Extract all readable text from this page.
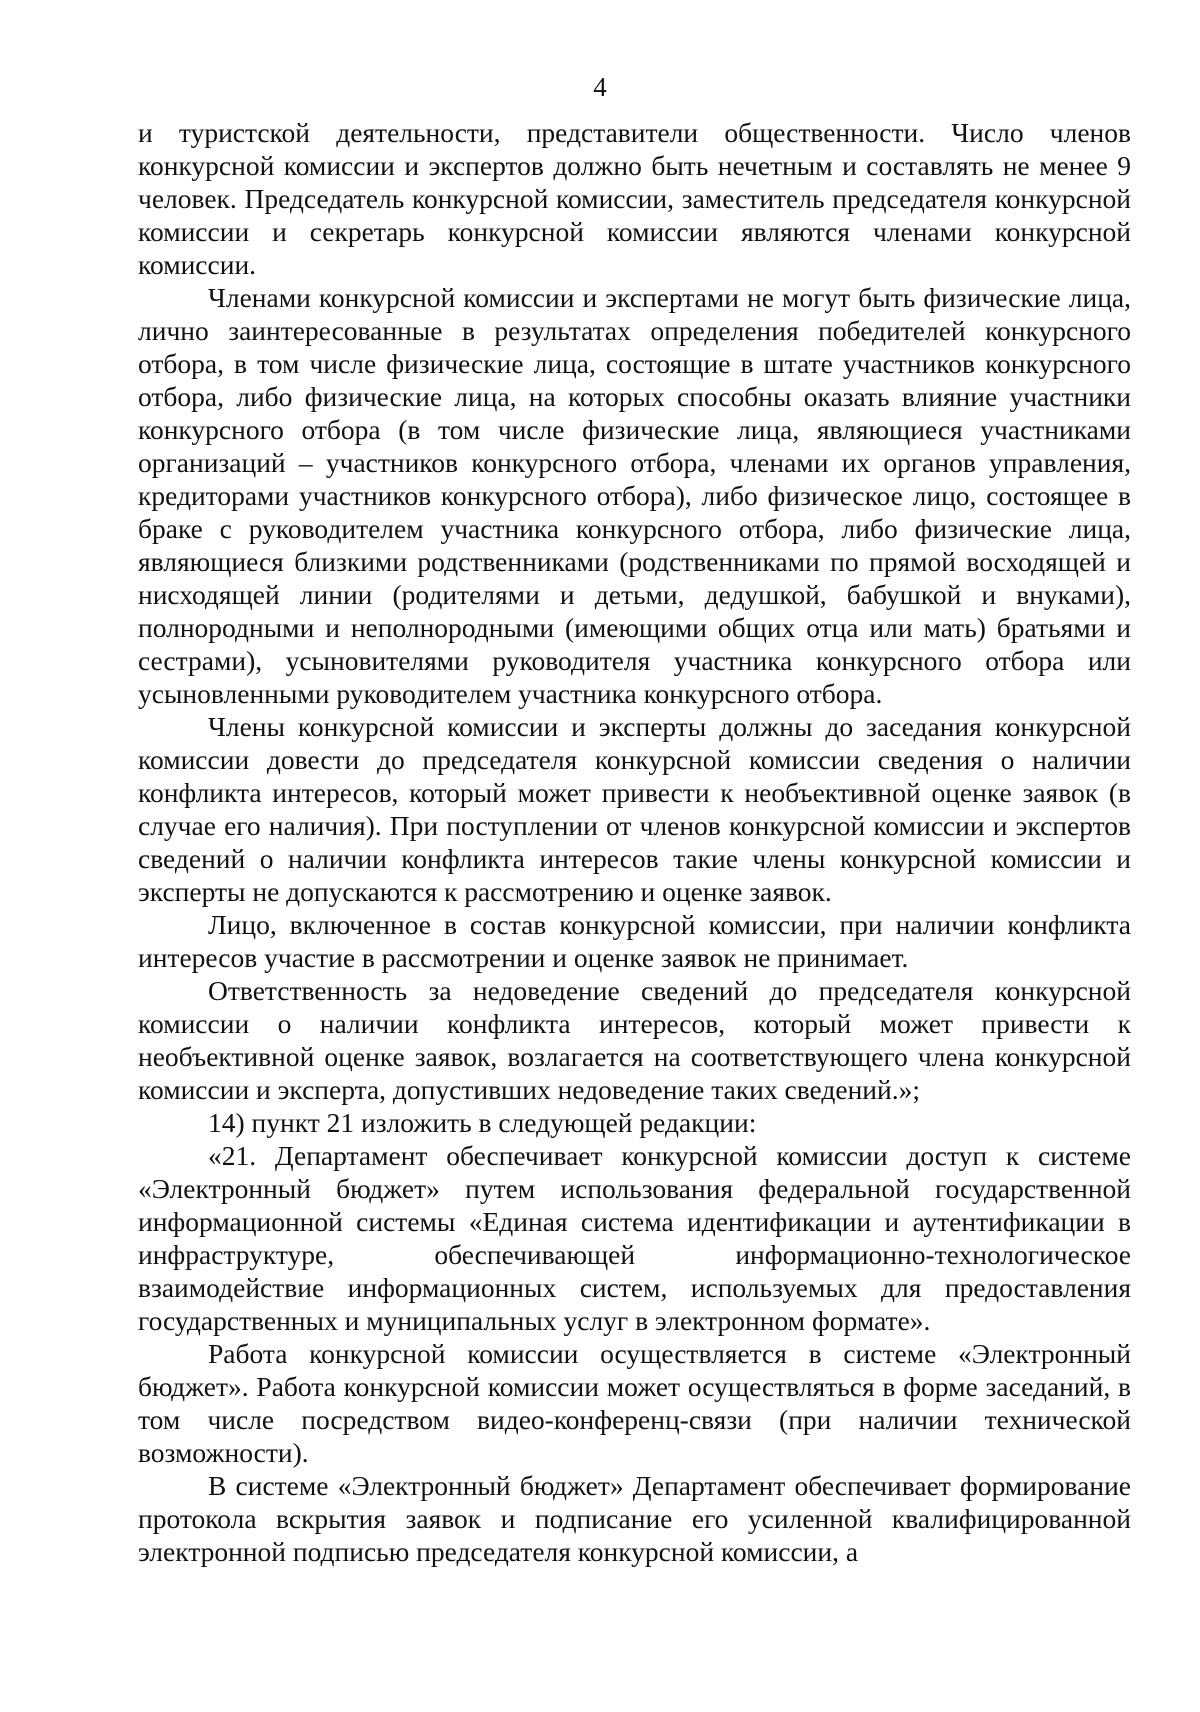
4

и туристской деятельности, представители общественности. Число членов конкурсной комиссии и экспертов должно быть нечетным и составлять не менее 9 человек. Председатель конкурсной комиссии, заместитель председателя конкурсной комиссии и секретарь конкурсной комиссии являются членами конкурсной комиссии.

Членами конкурсной комиссии и экспертами не могут быть физические лица, лично заинтересованные в результатах определения победителей конкурсного отбора, в том числе физические лица, состоящие в штате участников конкурсного отбора, либо физические лица, на которых способны оказать влияние участники конкурсного отбора (в том числе физические лица, являющиеся участниками организаций – участников конкурсного отбора, членами их органов управления, кредиторами участников конкурсного отбора), либо физическое лицо, состоящее в браке с руководителем участника конкурсного отбора, либо физические лица, являющиеся близкими родственниками (родственниками по прямой восходящей и нисходящей линии (родителями и детьми, дедушкой, бабушкой и внуками), полнородными и неполнородными (имеющими общих отца или мать) братьями и сестрами), усыновителями руководителя участника конкурсного отбора или усыновленными руководителем участника конкурсного отбора.

Члены конкурсной комиссии и эксперты должны до заседания конкурсной комиссии довести до председателя конкурсной комиссии сведения о наличии конфликта интересов, который может привести к необъективной оценке заявок (в случае его наличия). При поступлении от членов конкурсной комиссии и экспертов сведений о наличии конфликта интересов такие члены конкурсной комиссии и эксперты не допускаются к рассмотрению и оценке заявок.

Лицо, включенное в состав конкурсной комиссии, при наличии конфликта интересов участие в рассмотрении и оценке заявок не принимает.

Ответственность за недоведение сведений до председателя конкурсной комиссии о наличии конфликта интересов, который может привести к необъективной оценке заявок, возлагается на соответствующего члена конкурсной комиссии и эксперта, допустивших недоведение таких сведений.»;

14) пункт 21 изложить в следующей редакции:

«21. Департамент обеспечивает конкурсной комиссии доступ к системе «Электронный бюджет» путем использования федеральной государственной информационной системы «Единая система идентификации и аутентификации в инфраструктуре, обеспечивающей информационно-технологическое взаимодействие информационных систем, используемых для предоставления государственных и муниципальных услуг в электронном формате».

Работа конкурсной комиссии осуществляется в системе «Электронный бюджет». Работа конкурсной комиссии может осуществляться в форме заседаний, в том числе посредством видео-конференц-связи (при наличии технической возможности).

В системе «Электронный бюджет» Департамент обеспечивает формирование протокола вскрытия заявок и подписание его усиленной квалифицированной электронной подписью председателя конкурсной комиссии, а
